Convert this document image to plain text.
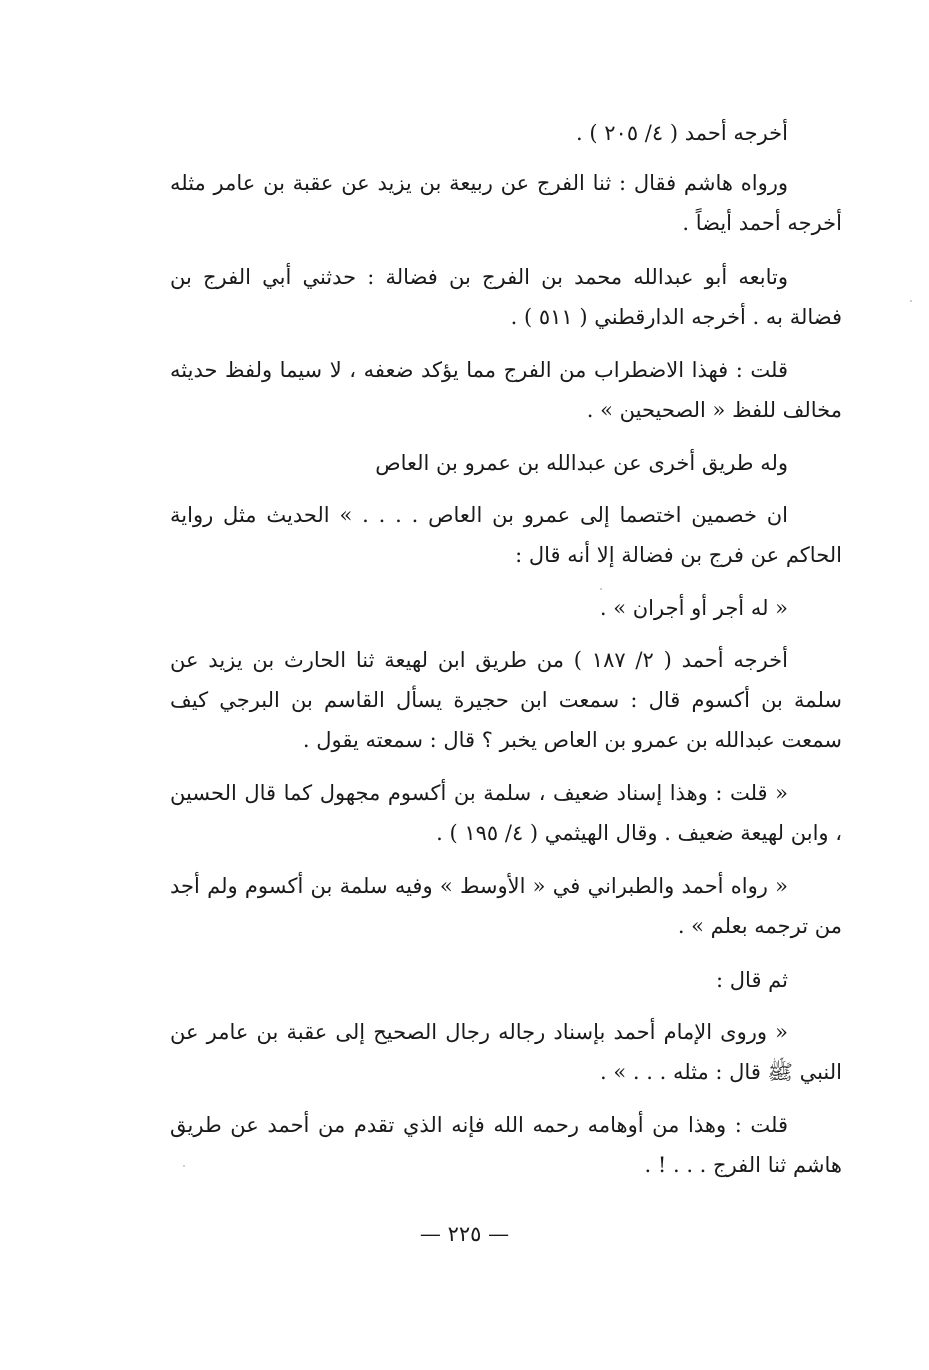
أخرجه أحمد ( ٤/ ٢٠٥ ) .
ورواه هاشم فقال : ثنا الفرج عن ربيعة بن يزيد عن عقبة بن عامر مثله أخرجه أحمد أيضاً .
وتابعه أبو عبدالله محمد بن الفرج بن فضالة : حدثني أبي الفرج بن فضالة به . أخرجه الدارقطني ( ٥١١ ) .
قلت : فهذا الاضطراب من الفرج مما يؤكد ضعفه ، لا سيما ولفظ حديثه مخالف للفظ « الصحيحين » .
وله طريق أخرى عن عبدالله بن عمرو بن العاص
ان خصمين اختصما إلى عمرو بن العاص . . . . » الحديث مثل رواية الحاكم عن فرج بن فضالة إلا أنه قال :
« له أجر أو أجران » .
أخرجه أحمد ( ٢/ ١٨٧ ) من طريق ابن لهيعة ثنا الحارث بن يزيد عن سلمة بن أكسوم قال : سمعت ابن حجيرة يسأل القاسم بن البرجي كيف سمعت عبدالله بن عمرو بن العاص يخبر ؟ قال : سمعته يقول .
« قلت : وهذا إسناد ضعيف ، سلمة بن أكسوم مجهول كما قال الحسين ، وابن لهيعة ضعيف . وقال الهيثمي ( ٤/ ١٩٥ ) .
« رواه أحمد والطبراني في « الأوسط » وفيه سلمة بن أكسوم ولم أجد من ترجمه بعلم » .
ثم قال :
« وروى الإمام أحمد بإسناد رجاله رجال الصحيح إلى عقبة بن عامر عن النبي ﷺ قال : مثله . . . » .
قلت : وهذا من أوهامه رحمه الله فإنه الذي تقدم من أحمد عن طريق هاشم ثنا الفرج . . . ! .
— ٢٢٥ —
